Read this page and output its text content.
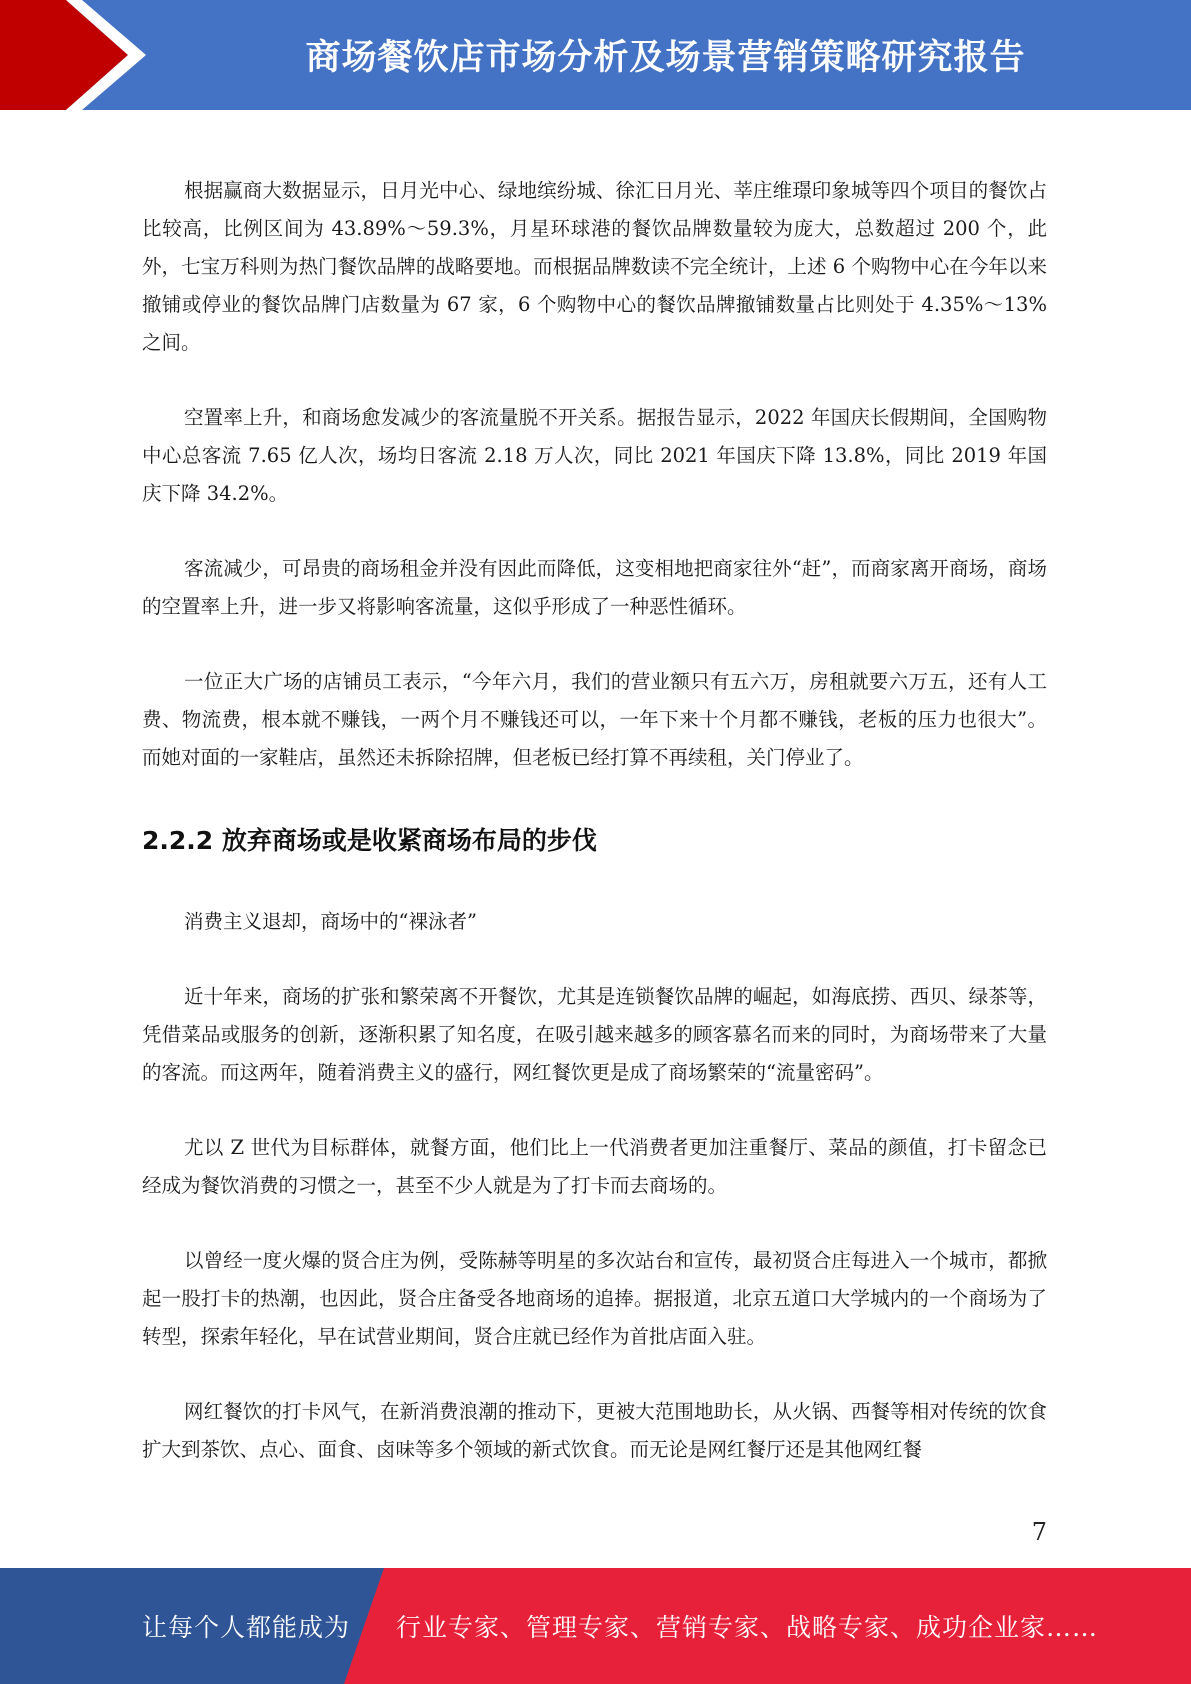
商场餐饮店市场分析及场景营销策略研究报告

根据赢商大数据显示，日月光中心、绿地缤纷城、徐汇日月光、莘庄维璟印象城等四个项目的餐饮占比较高，比例区间为 43.89%～59.3%，月星环球港的餐饮品牌数量较为庞大，总数超过 200 个，此外，七宝万科则为热门餐饮品牌的战略要地。而根据品牌数读不完全统计，上述 6 个购物中心在今年以来撤铺或停业的餐饮品牌门店数量为 67 家，6 个购物中心的餐饮品牌撤铺数量占比则处于 4.35%～13%之间。

空置率上升，和商场愈发减少的客流量脱不开关系。据报告显示，2022 年国庆长假期间，全国购物中心总客流 7.65 亿人次，场均日客流 2.18 万人次，同比 2021 年国庆下降 13.8%，同比 2019 年国庆下降 34.2%。

客流减少，可昂贵的商场租金并没有因此而降低，这变相地把商家往外“赶”，而商家离开商场，商场的空置率上升，进一步又将影响客流量，这似乎形成了一种恶性循环。

一位正大广场的店铺员工表示，“今年六月，我们的营业额只有五六万，房租就要六万五，还有人工费、物流费，根本就不赚钱，一两个月不赚钱还可以，一年下来十个月都不赚钱，老板的压力也很大”。而她对面的一家鞋店，虽然还未拆除招牌，但老板已经打算不再续租，关门停业了。

2.2.2 放弃商场或是收紧商场布局的步伐

消费主义退却，商场中的“裸泳者”

近十年来，商场的扩张和繁荣离不开餐饮，尤其是连锁餐饮品牌的崛起，如海底捞、西贝、绿茶等，凭借菜品或服务的创新，逐渐积累了知名度，在吸引越来越多的顾客慕名而来的同时，为商场带来了大量的客流。而这两年，随着消费主义的盛行，网红餐饮更是成了商场繁荣的“流量密码”。

尤以 Z 世代为目标群体，就餐方面，他们比上一代消费者更加注重餐厅、菜品的颜值，打卡留念已经成为餐饮消费的习惯之一，甚至不少人就是为了打卡而去商场的。

以曾经一度火爆的贤合庄为例，受陈赫等明星的多次站台和宣传，最初贤合庄每进入一个城市，都掀起一股打卡的热潮，也因此，贤合庄备受各地商场的追捧。据报道，北京五道口大学城内的一个商场为了转型，探索年轻化，早在试营业期间，贤合庄就已经作为首批店面入驻。

网红餐饮的打卡风气，在新消费浪潮的推动下，更被大范围地助长，从火锅、西餐等相对传统的饮食扩大到茶饮、点心、面食、卤味等多个领域的新式饮食。而无论是网红餐厅还是其他网红餐

7
让每个人都能成为 行业专家、管理专家、营销专家、战略专家、成功企业家……
